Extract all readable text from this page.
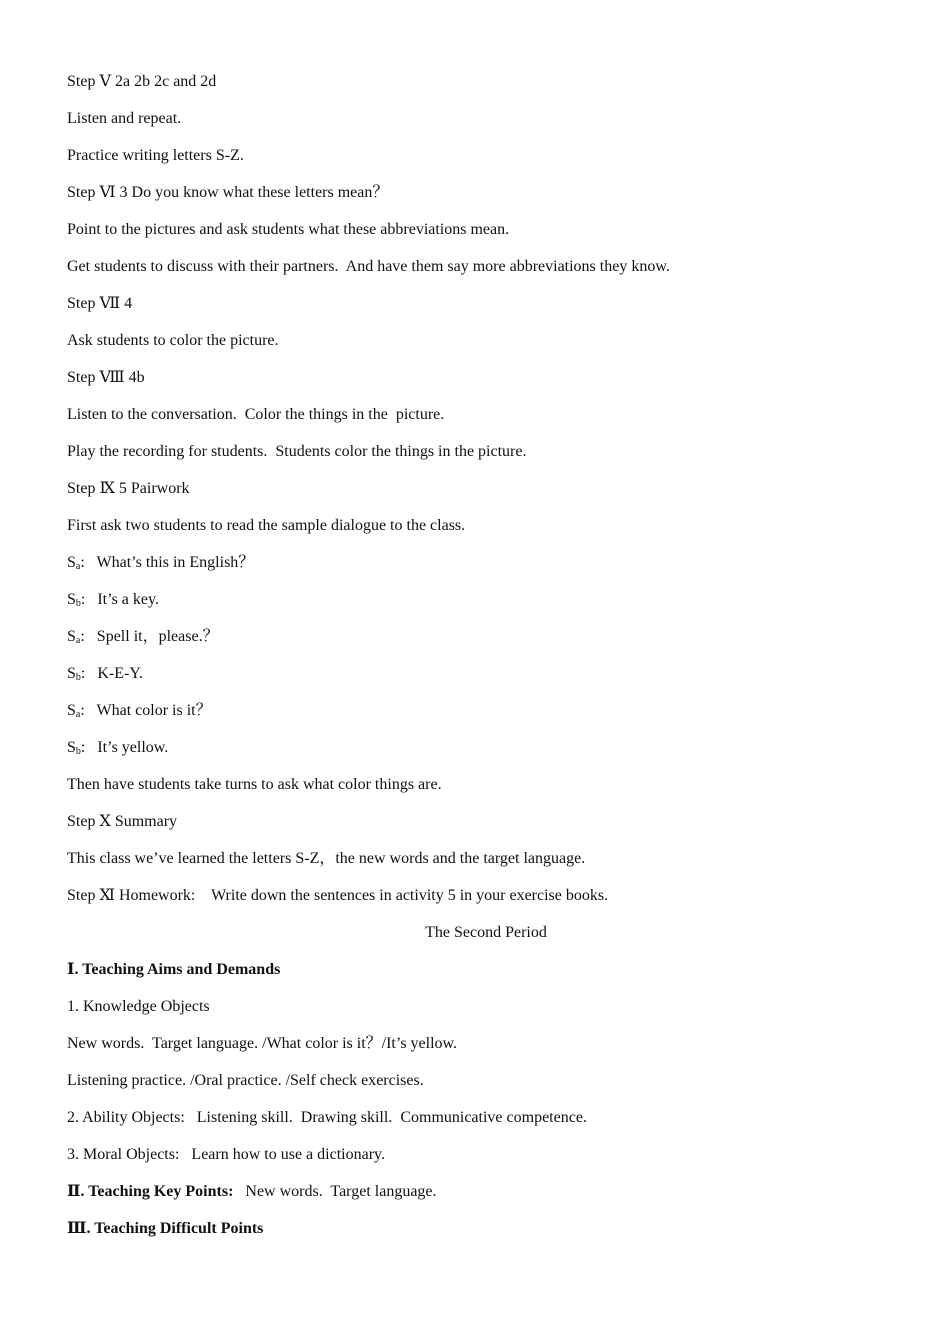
Step Ⅴ 2a 2b 2c and 2d

Listen and repeat.

Practice writing letters S-Z.

Step Ⅵ 3 Do you know what these letters mean？

Point to the pictures and ask students what these abbreviations mean.

Get students to discuss with their partners.  And have them say more abbreviations they know.

Step Ⅶ 4

Ask students to color the picture.

Step Ⅷ 4b

Listen to the conversation.  Color the things in the  picture.

Play the recording for students.  Students color the things in the picture.

Step Ⅸ 5 Pairwork

First ask two students to read the sample dialogue to the class.

$S_a$:   What’s this in English？

$S_b$:   It’s a key.

$S_a$:   Spell it，please.？

$S_b$:   K-E-Y.

$S_a$:   What color is it？

$S_b$:   It’s yellow.

Then have students take turns to ask what color things are.

Step Ⅹ Summary

This class we’ve learned the letters S-Z，the new words and the target language.

Step Ⅺ Homework:    Write down the sentences in activity 5 in your exercise books.

The Second Period

Ⅰ. Teaching Aims and Demands

1. Knowledge Objects

New words.  Target language. /What color is it？/It’s yellow.

Listening practice. /Oral practice. /Self check exercises.

2. Ability Objects:   Listening skill.  Drawing skill.  Communicative competence.

3. Moral Objects:   Learn how to use a dictionary.

Ⅱ. Teaching Key Points:   New words.  Target language.

Ⅲ. Teaching Difficult Points
